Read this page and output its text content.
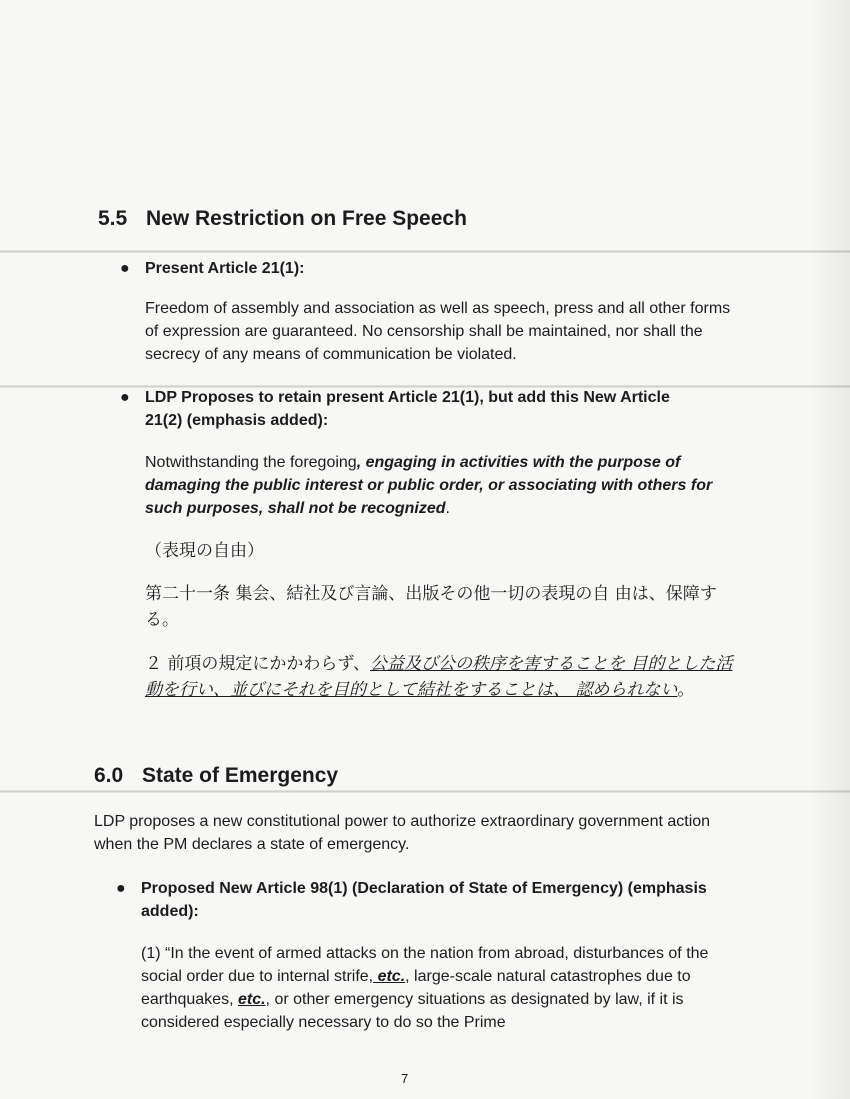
5.5 New Restriction on Free Speech
● Present Article 21(1):
Freedom of assembly and association as well as speech, press and all other forms of expression are guaranteed. No censorship shall be maintained, nor shall the secrecy of any means of communication be violated.
● LDP Proposes to retain present Article 21(1), but add this New Article 21(2) (emphasis added):
Notwithstanding the foregoing, engaging in activities with the purpose of damaging the public interest or public order, or associating with others for such purposes, shall not be recognized.
（表現の自由）
第二十一条 集会、結社及び言論、出版その他一切の表現の自 由は、保障する。
２ 前項の規定にかかわらず、公益及び公の秩序を害することを 目的とした活動を行い、並びにそれを目的として結社をすることは、 認められない。
6.0 State of Emergency
LDP proposes a new constitutional power to authorize extraordinary government action when the PM declares a state of emergency.
● Proposed New Article 98(1) (Declaration of State of Emergency) (emphasis added):
(1) “In the event of armed attacks on the nation from abroad, disturbances of the social order due to internal strife, etc., large-scale natural catastrophes due to earthquakes, etc., or other emergency situations as designated by law, if it is considered especially necessary to do so the Prime
7
